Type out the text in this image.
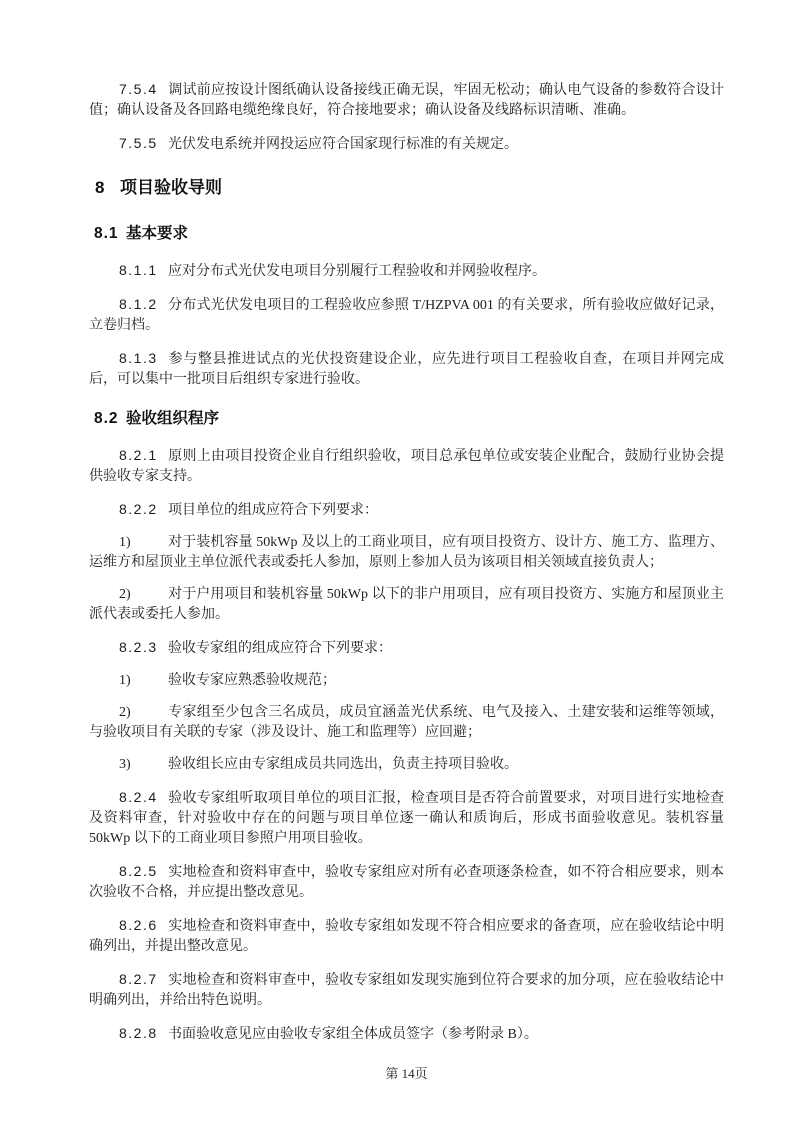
7.5.4 调试前应按设计图纸确认设备接线正确无误，牢固无松动；确认电气设备的参数符合设计值；确认设备及各回路电缆绝缘良好，符合接地要求；确认设备及线路标识清晰、准确。

7.5.5 光伏发电系统并网投运应符合国家现行标准的有关规定。

8 项目验收导则
8.1 基本要求

8.1.1 应对分布式光伏发电项目分别履行工程验收和并网验收程序。

8.1.2 分布式光伏发电项目的工程验收应参照 T/HZPVA 001 的有关要求，所有验收应做好记录，立卷归档。

8.1.3 参与整县推进试点的光伏投资建设企业，应先进行项目工程验收自查，在项目并网完成后，可以集中一批项目后组织专家进行验收。

8.2 验收组织程序

8.2.1 原则上由项目投资企业自行组织验收，项目总承包单位或安装企业配合，鼓励行业协会提供验收专家支持。

8.2.2 项目单位的组成应符合下列要求：

1)	对于装机容量 50kWp 及以上的工商业项目，应有项目投资方、设计方、施工方、监理方、运维方和屋顶业主单位派代表或委托人参加，原则上参加人员为该项目相关领域直接负责人；

2)	对于户用项目和装机容量 50kWp 以下的非户用项目，应有项目投资方、实施方和屋顶业主派代表或委托人参加。

8.2.3 验收专家组的组成应符合下列要求：

1)	验收专家应熟悉验收规范；

2)	专家组至少包含三名成员，成员宜涵盖光伏系统、电气及接入、土建安装和运维等领域，与验收项目有关联的专家（涉及设计、施工和监理等）应回避；

3)	验收组长应由专家组成员共同选出，负责主持项目验收。

8.2.4 验收专家组听取项目单位的项目汇报，检查项目是否符合前置要求，对项目进行实地检查及资料审查，针对验收中存在的问题与项目单位逐一确认和质询后，形成书面验收意见。装机容量 50kWp 以下的工商业项目参照户用项目验收。

8.2.5 实地检查和资料审查中，验收专家组应对所有必查项逐条检查，如不符合相应要求，则本次验收不合格，并应提出整改意见。

8.2.6 实地检查和资料审查中，验收专家组如发现不符合相应要求的备查项，应在验收结论中明确列出，并提出整改意见。

8.2.7 实地检查和资料审查中，验收专家组如发现实施到位符合要求的加分项，应在验收结论中明确列出，并给出特色说明。

8.2.8 书面验收意见应由验收专家组全体成员签字（参考附录 B）。

第 14页
